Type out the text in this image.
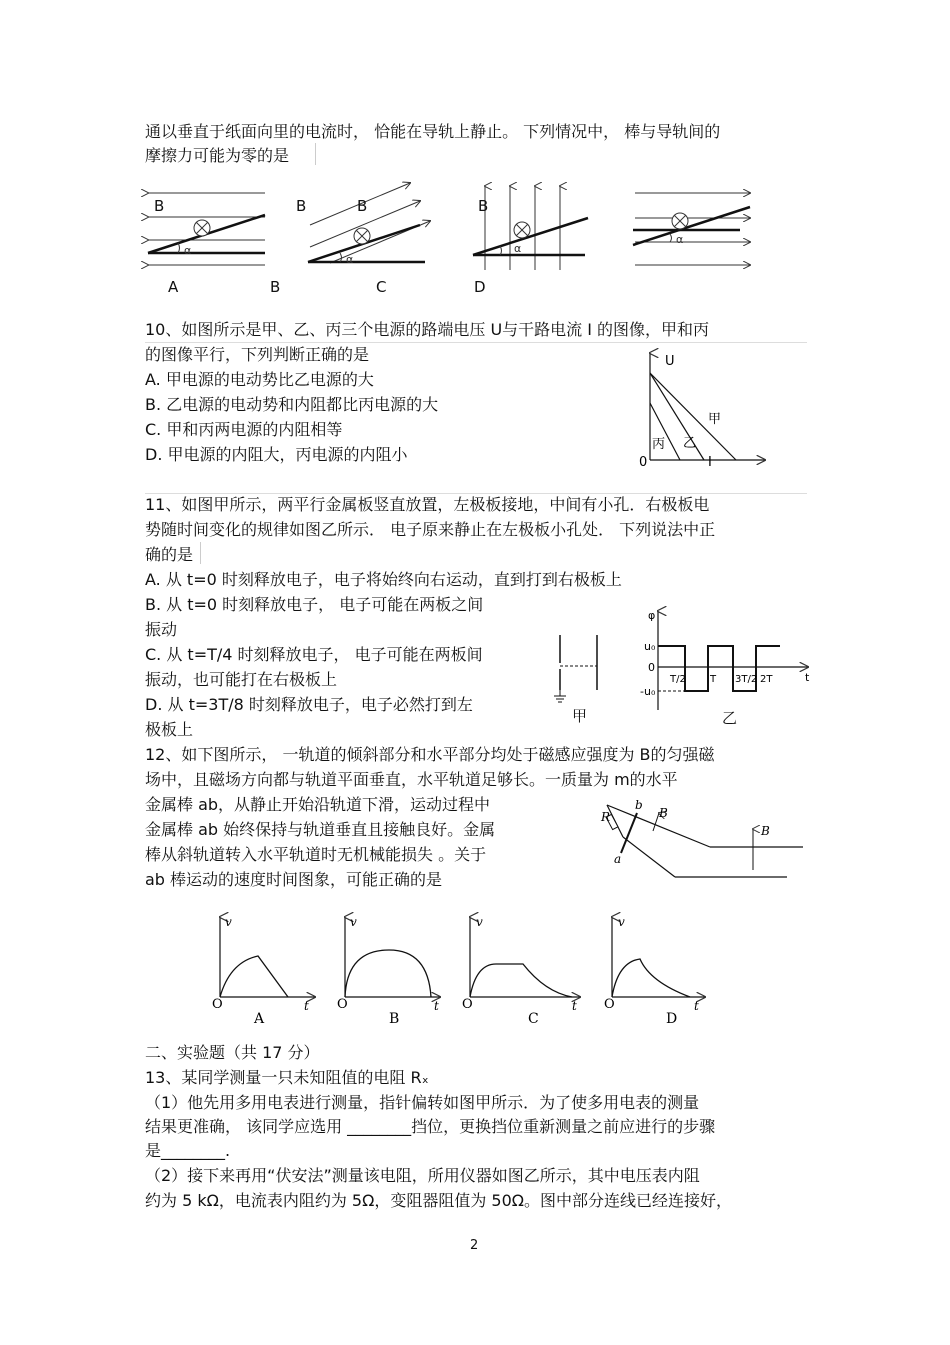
通以垂直于纸面向里的电流时， 恰能在导轨上静止。 下列情况中， 棒与导轨间的
摩擦力可能为零的是
α
B
α
B	B
α
B
α
A	B	C	D
10、如图所示是甲、乙、丙三个电源的路端电压 U与干路电流 I 的图像，甲和丙
的图像平行，下列判断正确的是
A. 甲电源的电动势比乙电源的大
B. 乙电源的电动势和内阻都比丙电源的大
C. 甲和丙两电源的内阻相等
D. 甲电源的内阻大，丙电源的内阻小
U
0	I
甲
乙
丙
11、如图甲所示，两平行金属板竖直放置，左极板接地，中间有小孔．右极板电
势随时间变化的规律如图乙所示． 电子原来静止在左极板小孔处． 下列说法中正
确的是
A. 从 t=0 时刻释放电子，电子将始终向右运动，直到打到右极板上
B. 从 t=0 时刻释放电子， 电子可能在两板之间
振动
C. 从 t=T/4 时刻释放电子， 电子可能在两板间
振动，也可能打在右极板上
D. 从 t=3T/8 时刻释放电子，电子必然打到左
极板上
甲
φ
u₀
0
-u₀
T/2 T 3T/2 2T	t
乙
12、如下图所示， 一轨道的倾斜部分和水平部分均处于磁感应强度为 B的匀强磁
场中，且磁场方向都与轨道平面垂直，水平轨道足够长。一质量为 m的水平
金属棒 ab，从静止开始沿轨道下滑，运动过程中
金属棒 ab 始终保持与轨道垂直且接触良好。金属
棒从斜轨道转入水平轨道时无机械能损失 。关于
ab 棒运动的速度时间图象，可能正确的是
R
b
a
B
B
v
O	t
A
v
O	t
B
v
O	t
C
v
O	t
D
二、实验题（共 17 分）
13、某同学测量一只未知阻值的电阻 Rₓ
（1）他先用多用电表进行测量，指针偏转如图甲所示．为了使多用电表的测量
结果更准确， 该同学应选用 ________挡位，更换挡位重新测量之前应进行的步骤
是________.
（2）接下来再用“伏安法”测量该电阻，所用仪器如图乙所示，其中电压表内阻
约为 5 kΩ，电流表内阻约为 5Ω，变阻器阻值为 50Ω。图中部分连线已经连接好，
2
